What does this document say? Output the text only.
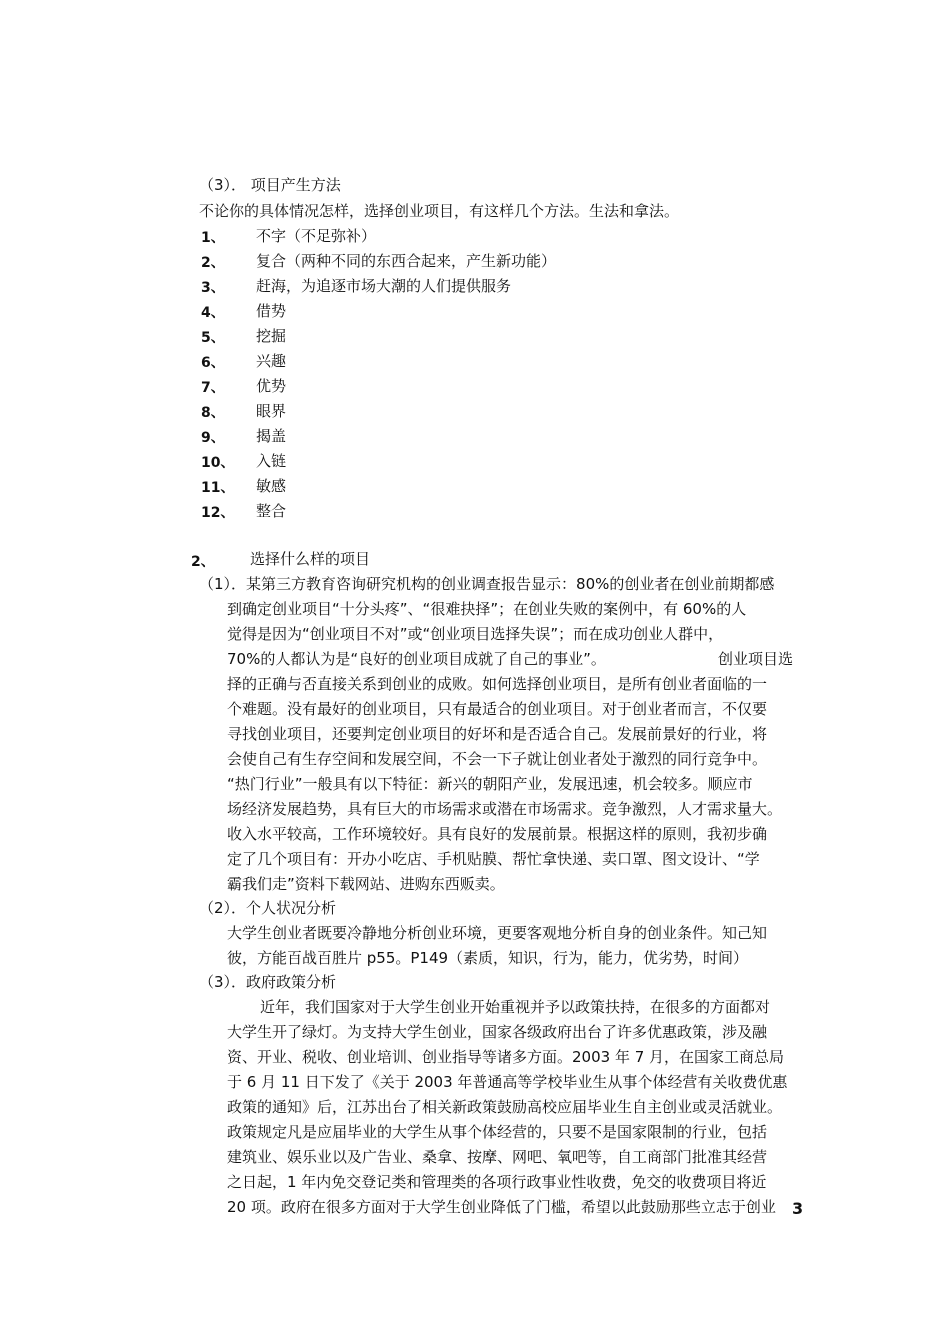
（3）． 项目产生方法
不论你的具体情况怎样，选择创业项目，有这样几个方法。生法和拿法。
1、 不字（不足弥补）
2、 复合（两种不同的东西合起来，产生新功能）
3、 赶海，为追逐市场大潮的人们提供服务
4、 借势
5、 挖掘
6、 兴趣
7、 优势
8、 眼界
9、 揭盖
10、 入链
11、 敏感
12、 整合
2、 选择什么样的项目
（1）．某第三方教育咨询研究机构的创业调查报告显示：80%的创业者在创业前期都感
到确定创业项目“十分头疼”、“很难抉择”；在创业失败的案例中，有 60%的人
觉得是因为“创业项目不对”或“创业项目选择失误”；而在成功创业人群中，
70%的人都认为是“良好的创业项目成就了自己的事业”。	创业项目选
择的正确与否直接关系到创业的成败。如何选择创业项目，是所有创业者面临的一
个难题。没有最好的创业项目，只有最适合的创业项目。对于创业者而言，不仅要
寻找创业项目，还要判定创业项目的好坏和是否适合自己。发展前景好的行业，将
会使自己有生存空间和发展空间，不会一下子就让创业者处于激烈的同行竞争中。
“热门行业”一般具有以下特征：新兴的朝阳产业，发展迅速，机会较多。顺应市
场经济发展趋势，具有巨大的市场需求或潜在市场需求。竞争激烈，人才需求量大。
收入水平较高，工作环境较好。具有良好的发展前景。根据这样的原则，我初步确
定了几个项目有：开办小吃店、手机贴膜、帮忙拿快递、卖口罩、图文设计、“学
霸我们走”资料下载网站、进购东西贩卖。
（2）．个人状况分析
大学生创业者既要冷静地分析创业环境，更要客观地分析自身的创业条件。知己知
彼，方能百战百胜片 p55。P149（素质，知识，行为，能力，优劣势，时间）
（3）．政府政策分析
近年，我们国家对于大学生创业开始重视并予以政策扶持，在很多的方面都对
大学生开了绿灯。为支持大学生创业，国家各级政府出台了许多优惠政策，涉及融
资、开业、税收、创业培训、创业指导等诸多方面。2003 年 7 月，在国家工商总局
于 6 月 11 日下发了《关于 2003 年普通高等学校毕业生从事个体经营有关收费优惠
政策的通知》后，江苏出台了相关新政策鼓励高校应届毕业生自主创业或灵活就业。
政策规定凡是应届毕业的大学生从事个体经营的，只要不是国家限制的行业，包括
建筑业、娱乐业以及广告业、桑拿、按摩、网吧、氧吧等，自工商部门批准其经营
之日起，1 年内免交登记类和管理类的各项行政事业性收费，免交的收费项目将近
20 项。政府在很多方面对于大学生创业降低了门槛，希望以此鼓励那些立志于创业 3
